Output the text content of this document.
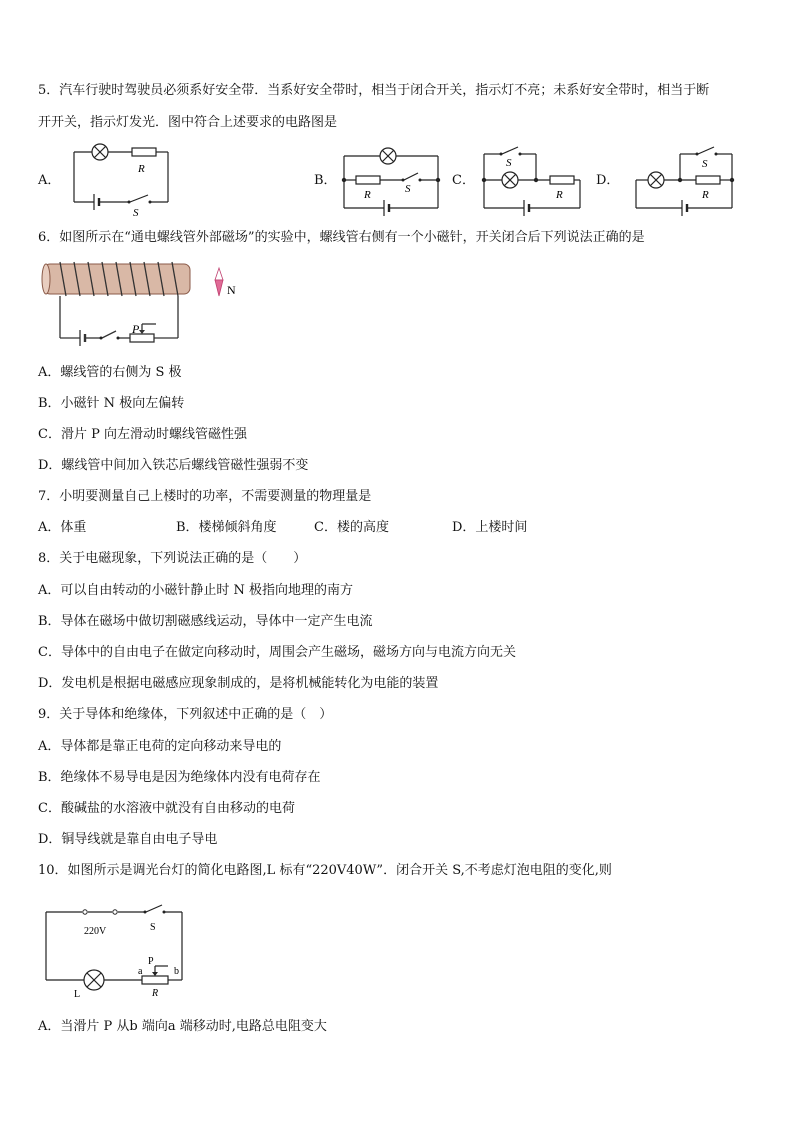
5．汽车行驶时驾驶员必须系好安全带．当系好安全带时，相当于闭合开关，指示灯不亮；未系好安全带时，相当于断
开开关，指示灯发光．图中符合上述要求的电路图是
A．
R
S
B．
R	S
C．
S
R
D．
S
R
6．如图所示在“通电螺线管外部磁场”的实验中，螺线管右侧有一个小磁针，开关闭合后下列说法正确的是
P
N
A．螺线管的右侧为 S 极
B．小磁针 N 极向左偏转
C．滑片 P 向左滑动时螺线管磁性强
D．螺线管中间加入铁芯后螺线管磁性强弱不变
7．小明要测量自己上楼时的功率，不需要测量的物理量是
A．体重	B．楼梯倾斜角度	C．楼的高度	D．上楼时间
8．关于电磁现象，下列说法正确的是（　　）
A．可以自由转动的小磁针静止时 N 极指向地理的南方
B．导体在磁场中做切割磁感线运动，导体中一定产生电流
C．导体中的自由电子在做定向移动时，周围会产生磁场，磁场方向与电流方向无关
D．发电机是根据电磁感应现象制成的，是将机械能转化为电能的装置
9．关于导体和绝缘体，下列叙述中正确的是（　）
A．导体都是靠正电荷的定向移动来导电的
B．绝缘体不易导电是因为绝缘体内没有电荷存在
C．酸碱盐的水溶液中就没有自由移动的电荷
D．铜导线就是靠自由电子导电
10．如图所示是调光台灯的简化电路图,L 标有“220V40W”．闭合开关 S,不考虑灯泡电阻的变化,则
220V	S
L
P
a	b
R
A．当滑片 P 从b 端向a 端移动时,电路总电阻变大
